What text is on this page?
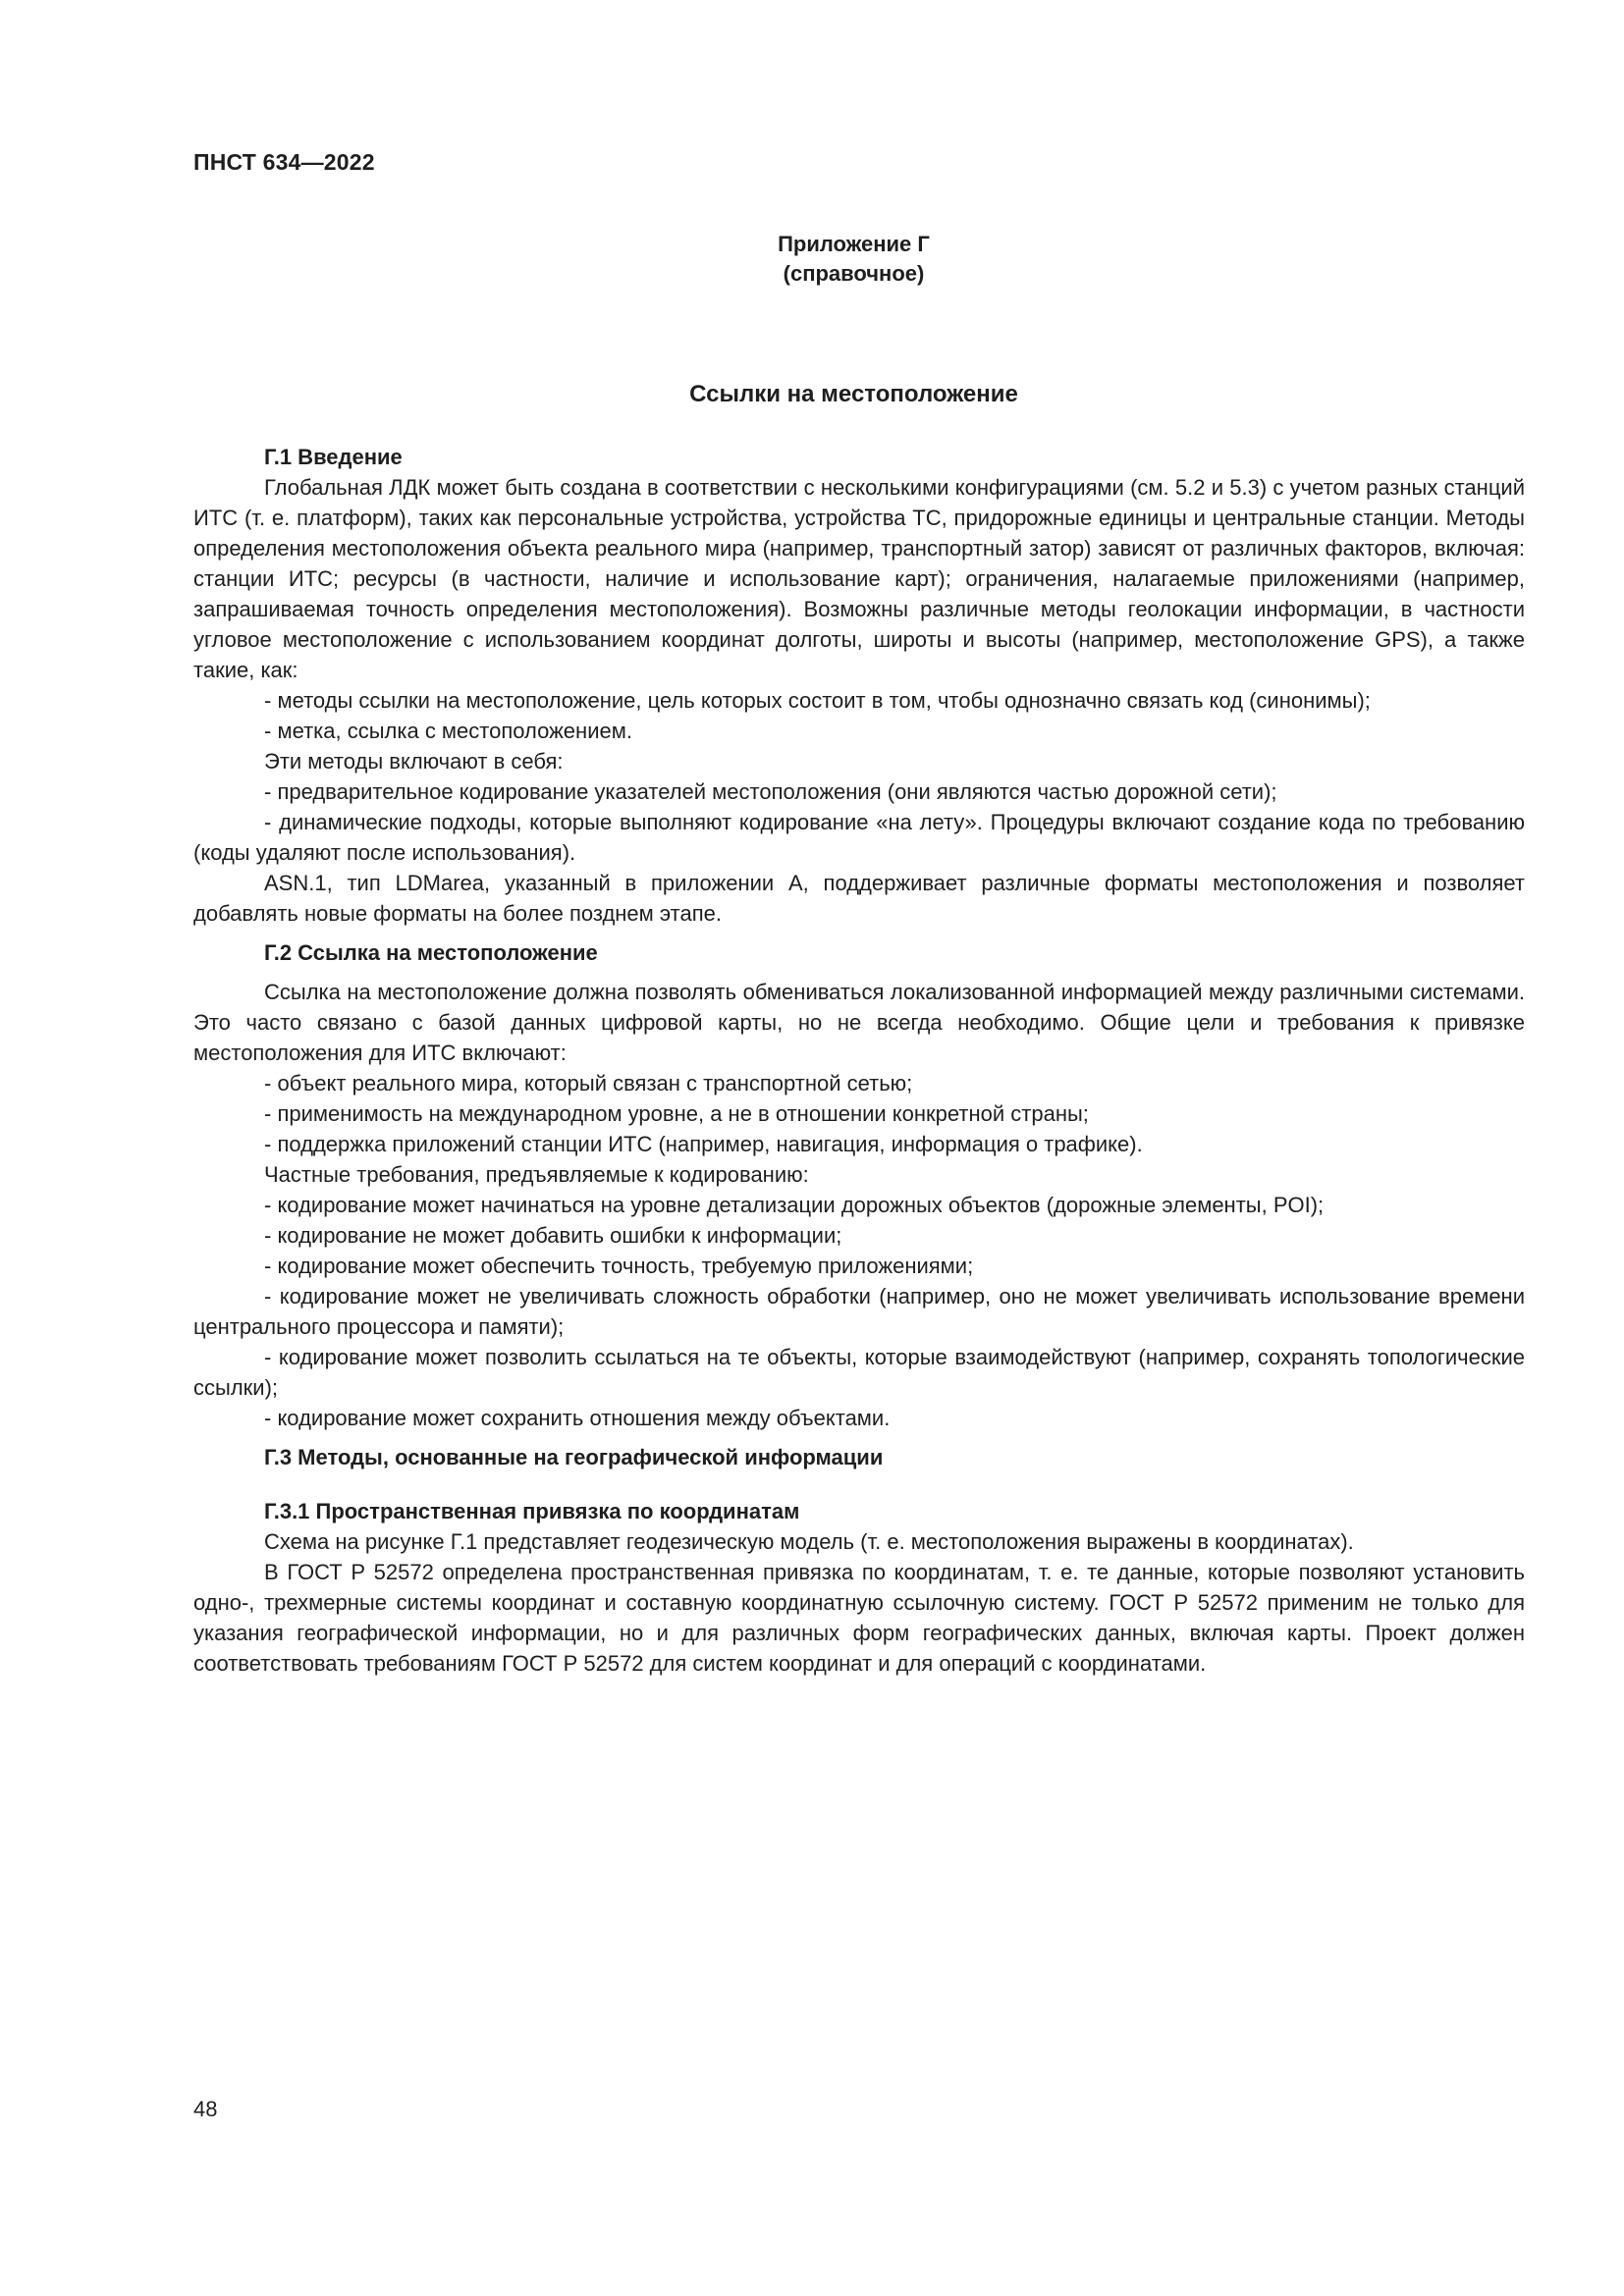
ПНСТ 634—2022
Приложение Г
(справочное)
Ссылки на местоположение

Г.1 Введение

Глобальная ЛДК может быть создана в соответствии с несколькими конфигурациями (см. 5.2 и 5.3) с учетом разных станций ИТС (т. е. платформ), таких как персональные устройства, устройства ТС, придорожные единицы и центральные станции. Методы определения местоположения объекта реального мира (например, транспортный затор) зависят от различных факторов, включая: станции ИТС; ресурсы (в частности, наличие и использование карт); ограничения, налагаемые приложениями (например, запрашиваемая точность определения местоположения). Возможны различные методы геолокации информации, в частности угловое местоположение с использованием координат долготы, широты и высоты (например, местоположение GPS), а также такие, как:

- методы ссылки на местоположение, цель которых состоит в том, чтобы однозначно связать код (синонимы);

- метка, ссылка с местоположением.

Эти методы включают в себя:

- предварительное кодирование указателей местоположения (они являются частью дорожной сети);

- динамические подходы, которые выполняют кодирование «на лету». Процедуры включают создание кода по требованию (коды удаляют после использования).

ASN.1, тип LDMarea, указанный в приложении А, поддерживает различные форматы местоположения и позволяет добавлять новые форматы на более позднем этапе.

Г.2 Ссылка на местоположение

Ссылка на местоположение должна позволять обмениваться локализованной информацией между различными системами. Это часто связано с базой данных цифровой карты, но не всегда необходимо. Общие цели и требования к привязке местоположения для ИТС включают:

- объект реального мира, который связан с транспортной сетью;

- применимость на международном уровне, а не в отношении конкретной страны;

- поддержка приложений станции ИТС (например, навигация, информация о трафике).

Частные требования, предъявляемые к кодированию:

- кодирование может начинаться на уровне детализации дорожных объектов (дорожные элементы, POI);

- кодирование не может добавить ошибки к информации;

- кодирование может обеспечить точность, требуемую приложениями;

- кодирование может не увеличивать сложность обработки (например, оно не может увеличивать использование времени центрального процессора и памяти);

- кодирование может позволить ссылаться на те объекты, которые взаимодействуют (например, сохранять топологические ссылки);

- кодирование может сохранить отношения между объектами.

Г.3 Методы, основанные на географической информации

Г.3.1 Пространственная привязка по координатам

Схема на рисунке Г.1 представляет геодезическую модель (т. е. местоположения выражены в координатах).

В ГОСТ Р 52572 определена пространственная привязка по координатам, т. е. те данные, которые позволяют установить одно-, трехмерные системы координат и составную координатную ссылочную систему. ГОСТ Р 52572 применим не только для указания географической информации, но и для различных форм географических данных, включая карты. Проект должен соответствовать требованиям ГОСТ Р 52572 для систем координат и для операций с координатами.

48
